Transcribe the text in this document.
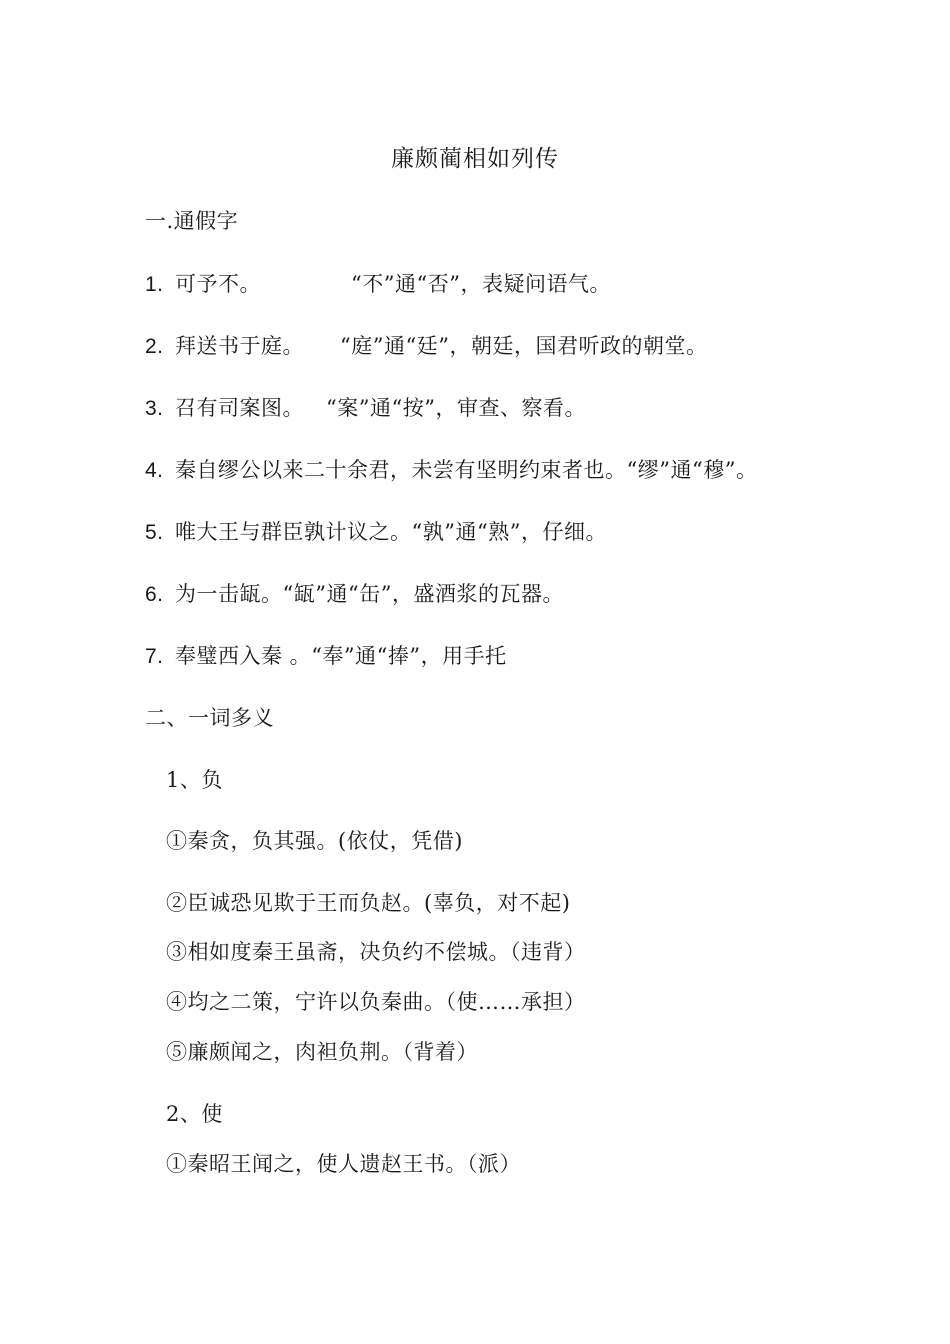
廉颇蔺相如列传
一.通假字
1. 可予不。	“不”通“否”，表疑问语气。
2. 拜送书于庭。 “庭”通“廷”，朝廷，国君听政的朝堂。
3. 召有司案图。 “案”通“按”，审查、察看。
4. 秦自缪公以来二十余君，未尝有坚明约束者也。“缪”通“穆”。
5. 唯大王与群臣孰计议之。“孰”通“熟”，仔细。
6. 为一击缻。“缻”通“缶”，盛酒浆的瓦器。
7. 奉璧西入秦 。“奉”通“捧”，用手托
二、一词多义
1、负
①秦贪，负其强。(依仗，凭借)
②臣诚恐见欺于王而负赵。(辜负，对不起)
③相如度秦王虽斋，决负约不偿城。（违背）
④均之二策，宁许以负秦曲。（使……承担）
⑤廉颇闻之，肉袒负荆。（背着）
2、使
①秦昭王闻之，使人遗赵王书。（派）
